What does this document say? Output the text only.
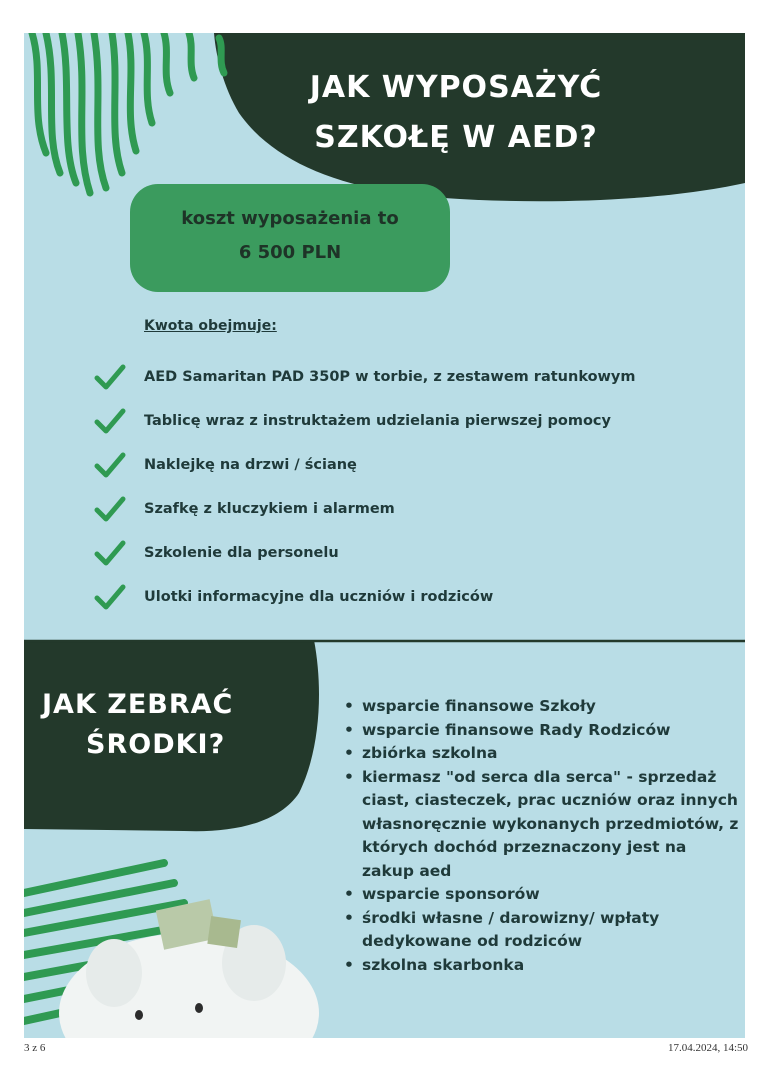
JAK WYPOSAŻYĆ
SZKOŁĘ W AED?
koszt wyposażenia to
6 500 PLN
Kwota obejmuje:
AED Samaritan PAD 350P w torbie, z zestawem ratunkowym
Tablicę wraz z instruktażem udzielania pierwszej pomocy
Naklejkę na drzwi / ścianę
Szafkę z kluczykiem i alarmem
Szkolenie dla personelu
Ulotki informacyjne dla uczniów i rodziców
JAK ZEBRAĆ
ŚRODKI?
• wsparcie finansowe Szkoły
• wsparcie finansowe Rady Rodziców
• zbiórka szkolna
• kiermasz "od serca dla serca" - sprzedaż ciast, ciasteczek, prac uczniów oraz innych własnoręcznie wykonanych przedmiotów, z których dochód przeznaczony jest na zakup aed
• wsparcie sponsorów
• środki własne / darowizny/ wpłaty dedykowane od rodziców
• szkolna skarbonka
3 z 6	17.04.2024, 14:50
